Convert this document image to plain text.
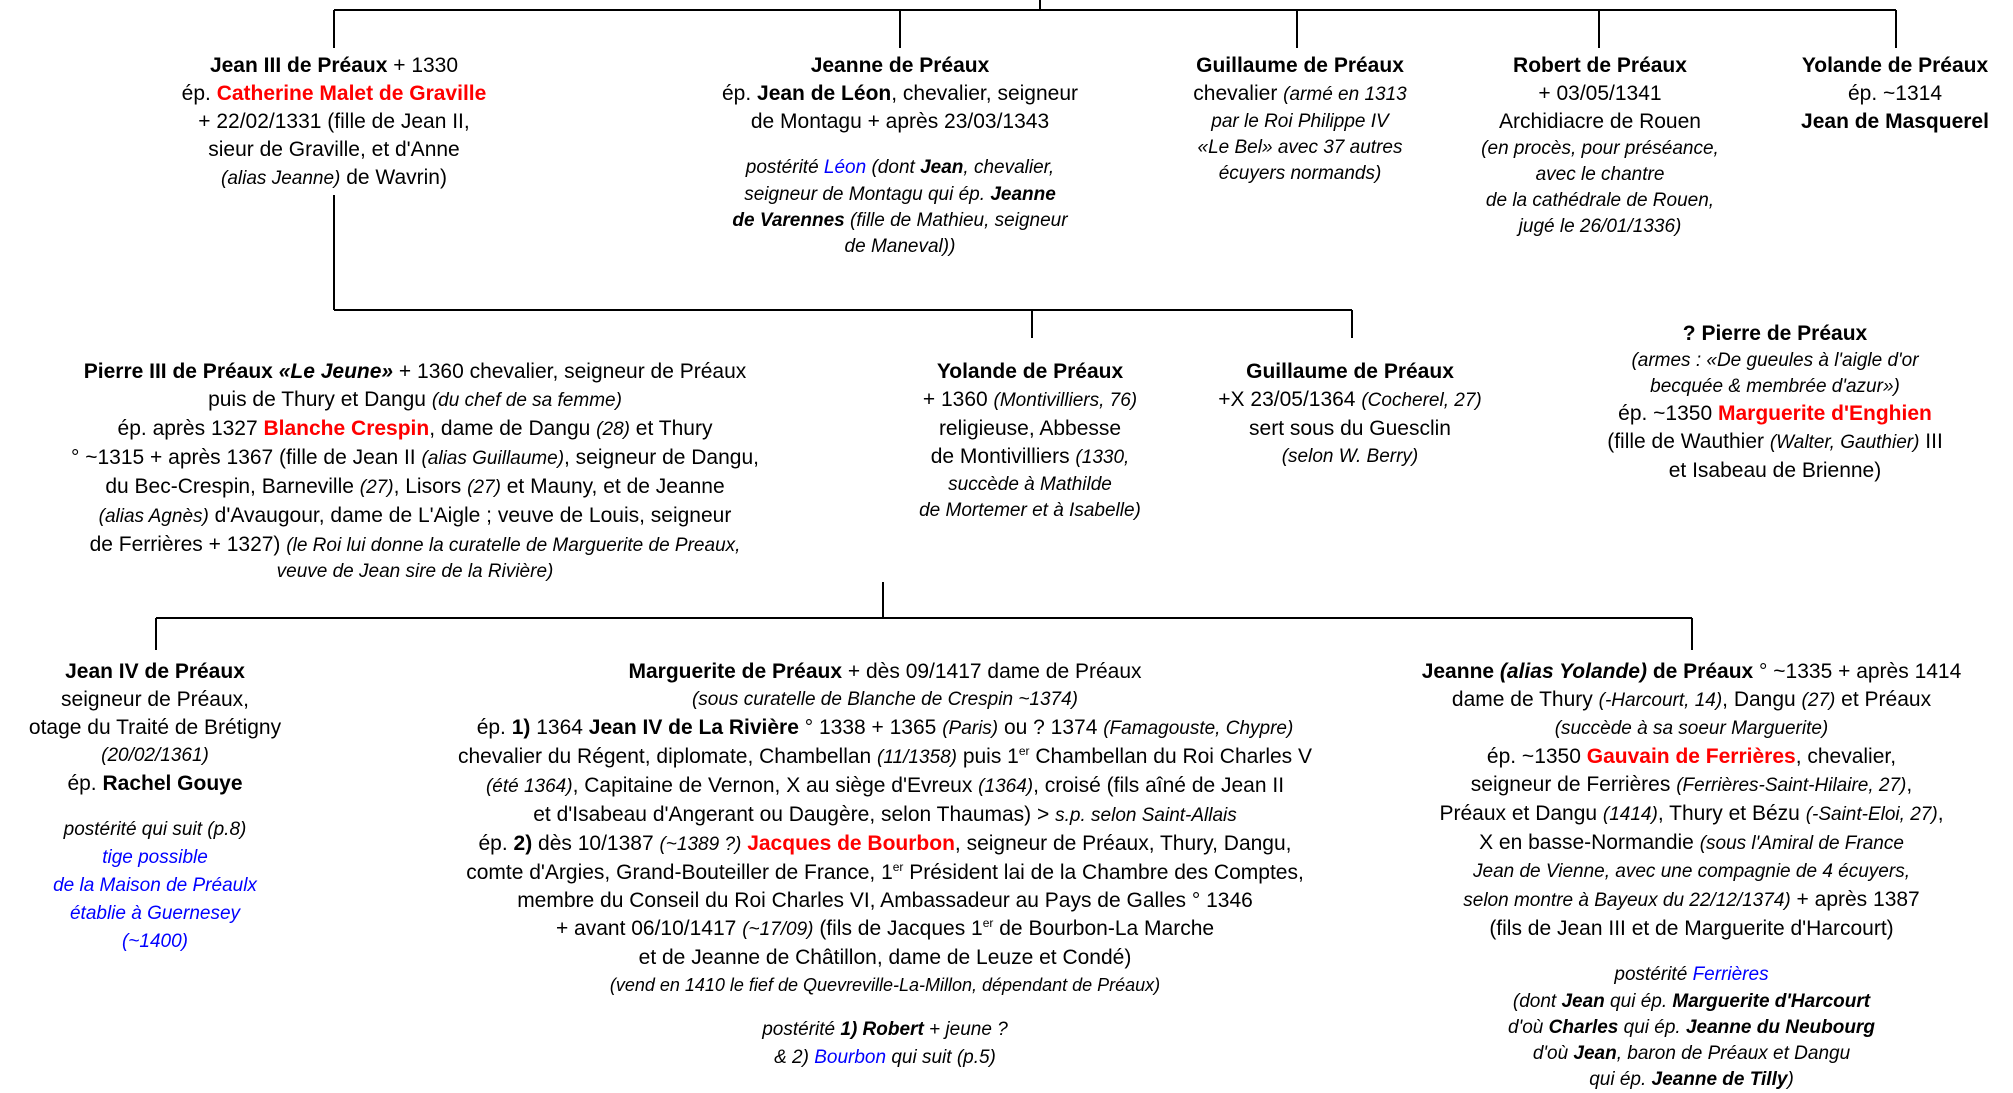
Jean III de Préaux + 1330
ép. Catherine Malet de Graville
+ 22/02/1331 (fille de Jean II,
sieur de Graville, et d'Anne
(alias Jeanne) de Wavrin)
Jeanne de Préaux
ép. Jean de Léon, chevalier, seigneur
de Montagu + après 23/03/1343
postérité Léon (dont Jean, chevalier,
seigneur de Montagu qui ép. Jeanne
de Varennes (fille de Mathieu, seigneur
de Maneval))
Guillaume de Préaux
chevalier (armé en 1313
par le Roi Philippe IV
«Le Bel» avec 37 autres
écuyers normands)
Robert de Préaux
+ 03/05/1341
Archidiacre de Rouen
(en procès, pour préséance,
avec le chantre
de la cathédrale de Rouen,
jugé le 26/01/1336)
Yolande de Préaux
ép. ~1314
Jean de Masquerel
Pierre III de Préaux «Le Jeune» + 1360 chevalier, seigneur de Préaux
puis de Thury et Dangu (du chef de sa femme)
ép. après 1327 Blanche Crespin, dame de Dangu (28) et Thury
° ~1315 + après 1367 (fille de Jean II (alias Guillaume), seigneur de Dangu,
du Bec-Crespin, Barneville (27), Lisors (27) et Mauny, et de Jeanne
(alias Agnès) d'Avaugour, dame de L'Aigle ; veuve de Louis, seigneur
de Ferrières + 1327) (le Roi lui donne la curatelle de Marguerite de Preaux,
veuve de Jean sire de la Rivière)
Yolande de Préaux
+ 1360 (Montivilliers, 76)
religieuse, Abbesse
de Montivilliers (1330,
succède à Mathilde
de Mortemer et à Isabelle)
Guillaume de Préaux
+X 23/05/1364 (Cocherel, 27)
sert sous du Guesclin
(selon W. Berry)
? Pierre de Préaux
(armes : «De gueules à l'aigle d'or
becquée & membrée d'azur»)
ép. ~1350 Marguerite d'Enghien
(fille de Wauthier (Walter, Gauthier) III
et Isabeau de Brienne)
Jean IV de Préaux
seigneur de Préaux,
otage du Traité de Brétigny
(20/02/1361)
ép. Rachel Gouye
postérité qui suit (p.8)
tige possible
de la Maison de Préaulx
établie à Guernesey
(~1400)
Marguerite de Préaux + dès 09/1417 dame de Préaux
(sous curatelle de Blanche de Crespin ~1374)
ép. 1) 1364 Jean IV de La Rivière ° 1338 + 1365 (Paris) ou ? 1374 (Famagouste, Chypre)
chevalier du Régent, diplomate, Chambellan (11/1358) puis 1er Chambellan du Roi Charles V
(été 1364), Capitaine de Vernon, X au siège d'Evreux (1364), croisé (fils aîné de Jean II
et d'Isabeau d'Angerant ou Daugère, selon Thaumas) > s.p. selon Saint-Allais
ép. 2) dès 10/1387 (~1389 ?) Jacques de Bourbon, seigneur de Préaux, Thury, Dangu,
comte d'Argies, Grand-Bouteiller de France, 1er Président lai de la Chambre des Comptes,
membre du Conseil du Roi Charles VI, Ambassadeur au Pays de Galles ° 1346
+ avant 06/10/1417 (~17/09) (fils de Jacques 1er de Bourbon-La Marche
et de Jeanne de Châtillon, dame de Leuze et Condé)
(vend en 1410 le fief de Quevreville-La-Millon, dépendant de Préaux)
postérité 1) Robert + jeune ?
& 2) Bourbon qui suit (p.5)
Jeanne (alias Yolande) de Préaux ° ~1335 + après 1414
dame de Thury (-Harcourt, 14), Dangu (27) et Préaux
(succède à sa soeur Marguerite)
ép. ~1350 Gauvain de Ferrières, chevalier,
seigneur de Ferrières (Ferrières-Saint-Hilaire, 27),
Préaux et Dangu (1414), Thury et Bézu (-Saint-Eloi, 27),
X en basse-Normandie (sous l'Amiral de France
Jean de Vienne, avec une compagnie de 4 écuyers,
selon montre à Bayeux du 22/12/1374) + après 1387
(fils de Jean III et de Marguerite d'Harcourt)
postérité Ferrières
(dont Jean qui ép. Marguerite d'Harcourt
d'où Charles qui ép. Jeanne du Neubourg
d'où Jean, baron de Préaux et Dangu
qui ép. Jeanne de Tilly)
